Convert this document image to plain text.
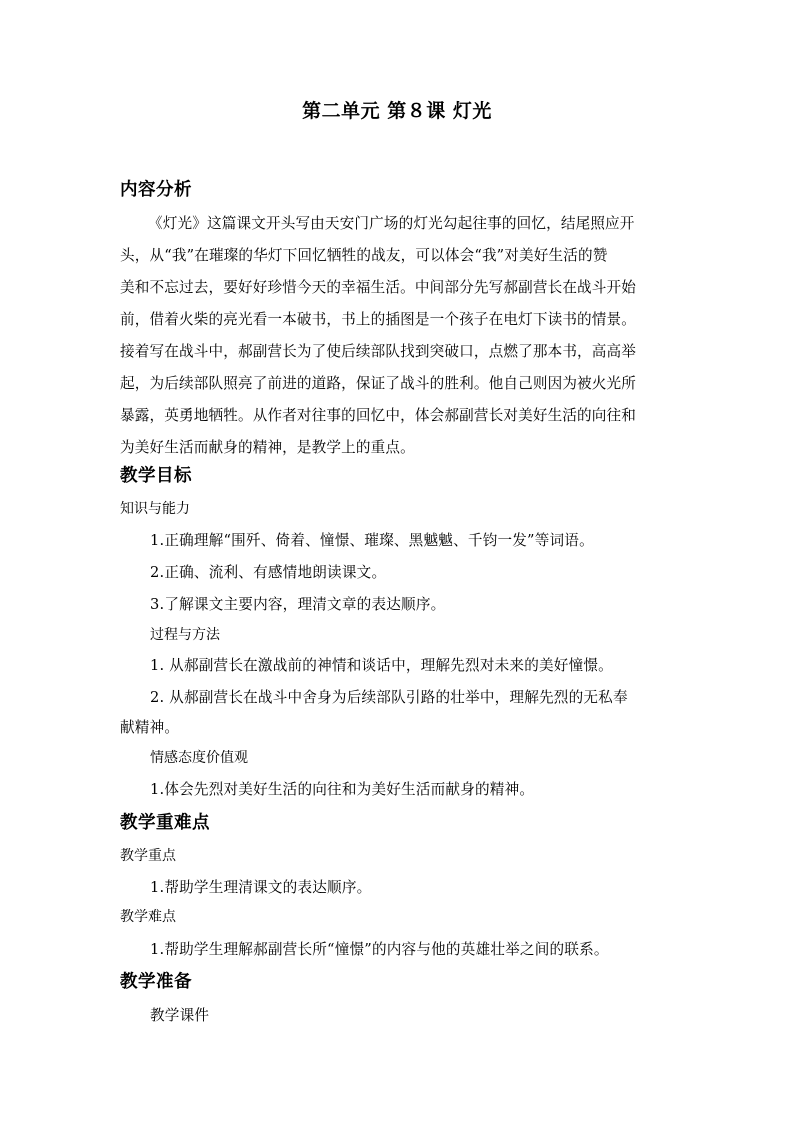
第二单元 第８课 灯光
内容分析
《灯光》这篇课文开头写由天安门广场的灯光勾起往事的回忆，结尾照应开
头，从“我”在璀璨的华灯下回忆牺牲的战友，可以体会“我”对美好生活的赞
美和不忘过去，要好好珍惜今天的幸福生活。中间部分先写郝副营长在战斗开始
前，借着火柴的亮光看一本破书，书上的插图是一个孩子在电灯下读书的情景。
接着写在战斗中，郝副营长为了使后续部队找到突破口，点燃了那本书，高高举
起，为后续部队照亮了前进的道路，保证了战斗的胜利。他自己则因为被火光所
暴露，英勇地牺牲。从作者对往事的回忆中，体会郝副营长对美好生活的向往和
为美好生活而献身的精神，是教学上的重点。
教学目标
知识与能力
1.正确理解“围歼、倚着、憧憬、璀璨、黑魆魆、千钧一发”等词语。
2.正确、流利、有感情地朗读课文。
3.了解课文主要内容，理清文章的表达顺序。
过程与方法
1. 从郝副营长在激战前的神情和谈话中，理解先烈对未来的美好憧憬。
2. 从郝副营长在战斗中舍身为后续部队引路的壮举中，理解先烈的无私奉
献精神。
情感态度价值观
1.体会先烈对美好生活的向往和为美好生活而献身的精神。
教学重难点
教学重点
1.帮助学生理清课文的表达顺序。
教学难点
1.帮助学生理解郝副营长所“憧憬”的内容与他的英雄壮举之间的联系。
教学准备
教学课件
